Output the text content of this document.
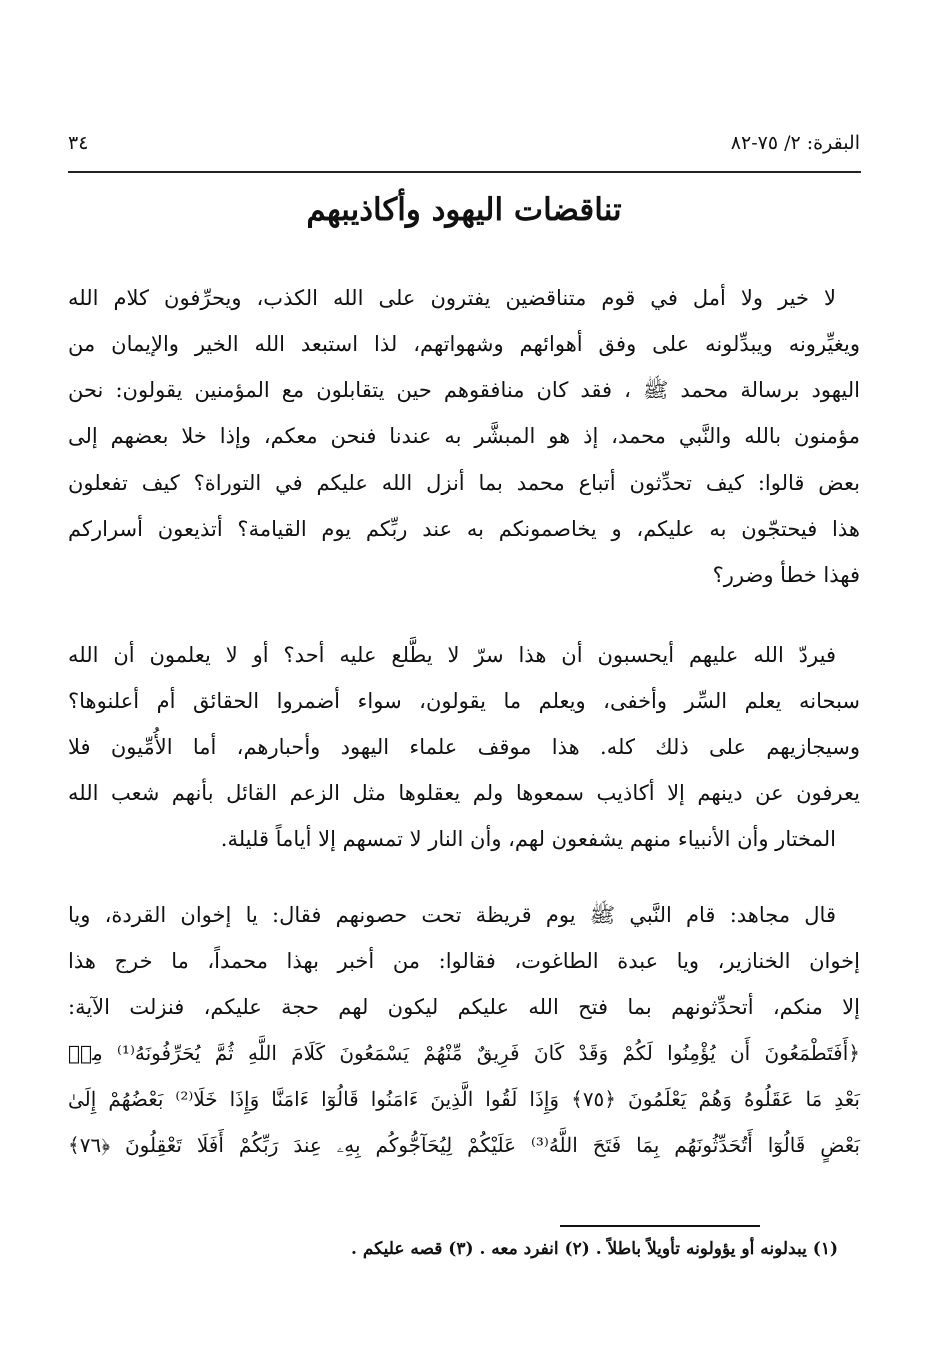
البقرة: ٢/ ٧٥-٨٢
٣٤
تناقضات اليهود وأكاذيبهم
لا خير ولا أمل في قوم متناقضين يفترون على الله الكذب، ويحرِّفون كلام الله
ويغيِّرونه ويبدِّلونه على وفق أهوائهم وشهواتهم، لذا استبعد الله الخير والإيمان من
اليهود برسالة محمد ﷺ ، فقد كان منافقوهم حين يتقابلون مع المؤمنين يقولون: نحن
مؤمنون بالله والنَّبي محمد، إذ هو المبشَّر به عندنا فنحن معكم، وإذا خلا بعضهم إلى
بعض قالوا: كيف تحدِّثون أتباع محمد بما أنزل الله عليكم في التوراة؟ كيف تفعلون
هذا فيحتجّون به عليكم، و يخاصمونكم به عند ربِّكم يوم القيامة؟ أتذيعون أسراركم
فهذا خطأ وضرر؟
فيردّ الله عليهم أيحسبون أن هذا سرّ لا يطَّلع عليه أحد؟ أو لا يعلمون أن الله
سبحانه يعلم السِّر وأخفى، ويعلم ما يقولون، سواء أضمروا الحقائق أم أعلنوها؟
وسيجازيهم على ذلك كله. هذا موقف علماء اليهود وأحبارهم، أما الأُمِّيون فلا
يعرفون عن دينهم إلا أكاذيب سمعوها ولم يعقلوها مثل الزعم القائل بأنهم شعب الله
المختار وأن الأنبياء منهم يشفعون لهم، وأن النار لا تمسهم إلا أياماً قليلة.
قال مجاهد: قام النَّبي ﷺ يوم قريظة تحت حصونهم فقال: يا إخوان القردة، ويا
إخوان الخنازير، ويا عبدة الطاغوت، فقالوا: من أخبر بهذا محمداً، ما خرج هذا
إلا منكم، أتحدِّثونهم بما فتح الله عليكم ليكون لهم حجة عليكم، فنزلت الآية:
﴿أَفَتَطْمَعُونَ أَن يُؤْمِنُوا لَكُمْ وَقَدْ كَانَ فَرِيقٌ مِّنْهُمْ يَسْمَعُونَ كَلَامَ اللَّهِ ثُمَّ يُحَرِّفُونَهُ⁽¹⁾ مِنۢ
بَعْدِ مَا عَقَلُوهُ وَهُمْ يَعْلَمُونَ ﴿٧٥﴾ وَإِذَا لَقُوا الَّذِينَ ءَامَنُوا قَالُوٓا ءَامَنَّا وَإِذَا خَلَا⁽²⁾ بَعْضُهُمْ إِلَىٰ
بَعْضٍ قَالُوٓا أَتُحَدِّثُونَهُم بِمَا فَتَحَ اللَّهُ⁽³⁾ عَلَيْكُمْ لِيُحَآجُّوكُم بِهِۦ عِندَ رَبِّكُمْ أَفَلَا تَعْقِلُونَ ﴿٧٦﴾
(١) يبدلونه أو يؤولونه تأويلاً باطلاً . (٢) انفرد معه . (٣) قصه عليكم .
